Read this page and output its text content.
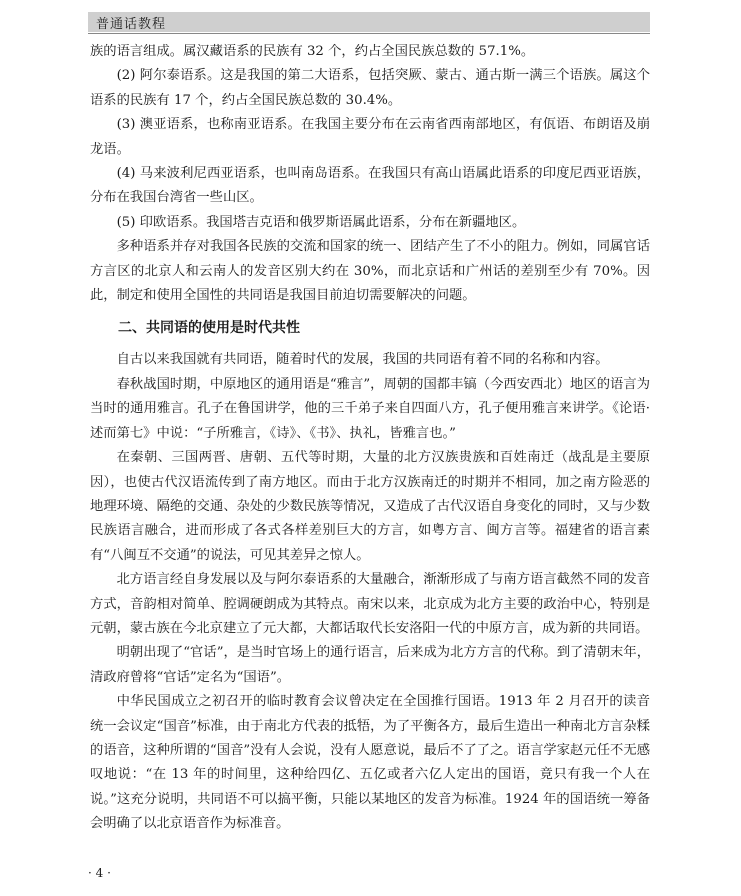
普通话教程

族的语言组成。属汉藏语系的民族有 32 个，约占全国民族总数的 57.1%。

(2) 阿尔泰语系。这是我国的第二大语系，包括突厥、蒙古、通古斯一满三个语族。属这个语系的民族有 17 个，约占全国民族总数的 30.4%。

(3) 澳亚语系，也称南亚语系。在我国主要分布在云南省西南部地区，有佤语、布朗语及崩龙语。

(4) 马来波利尼西亚语系，也叫南岛语系。在我国只有高山语属此语系的印度尼西亚语族，分布在我国台湾省一些山区。

(5) 印欧语系。我国塔吉克语和俄罗斯语属此语系，分布在新疆地区。

多种语系并存对我国各民族的交流和国家的统一、团结产生了不小的阻力。例如，同属官话方言区的北京人和云南人的发音区别大约在 30%，而北京话和广州话的差别至少有 70%。因此，制定和使用全国性的共同语是我国目前迫切需要解决的问题。

二、共同语的使用是时代共性

自古以来我国就有共同语，随着时代的发展，我国的共同语有着不同的名称和内容。

春秋战国时期，中原地区的通用语是“雅言”，周朝的国都丰镐（今西安西北）地区的语言为当时的通用雅言。孔子在鲁国讲学，他的三千弟子来自四面八方，孔子便用雅言来讲学。《论语·述而第七》中说：“子所雅言，《诗》、《书》、执礼，皆雅言也。”

在秦朝、三国两晋、唐朝、五代等时期，大量的北方汉族贵族和百姓南迁（战乱是主要原因），也使古代汉语流传到了南方地区。而由于北方汉族南迁的时期并不相同，加之南方险恶的地理环境、隔绝的交通、杂处的少数民族等情况，又造成了古代汉语自身变化的同时，又与少数民族语言融合，进而形成了各式各样差别巨大的方言，如粤方言、闽方言等。福建省的语言素有“八闽互不交通”的说法，可见其差异之惊人。

北方语言经自身发展以及与阿尔泰语系的大量融合，渐渐形成了与南方语言截然不同的发音方式，音韵相对简单、腔调硬朗成为其特点。南宋以来，北京成为北方主要的政治中心，特别是元朝，蒙古族在今北京建立了元大都，大都话取代长安洛阳一代的中原方言，成为新的共同语。

明朝出现了“官话”，是当时官场上的通行语言，后来成为北方方言的代称。到了清朝末年，清政府曾将“官话”定名为“国语”。

中华民国成立之初召开的临时教育会议曾决定在全国推行国语。1913 年 2 月召开的读音统一会议定“国音”标准，由于南北方代表的抵牾，为了平衡各方，最后生造出一种南北方言杂糅的语音，这种所谓的“国音”没有人会说，没有人愿意说，最后不了了之。语言学家赵元任不无感叹地说：“在 13 年的时间里，这种给四亿、五亿或者六亿人定出的国语，竟只有我一个人在说。”这充分说明，共同语不可以搞平衡，只能以某地区的发音为标准。1924 年的国语统一筹备会明确了以北京语音作为标准音。

· 4 ·
